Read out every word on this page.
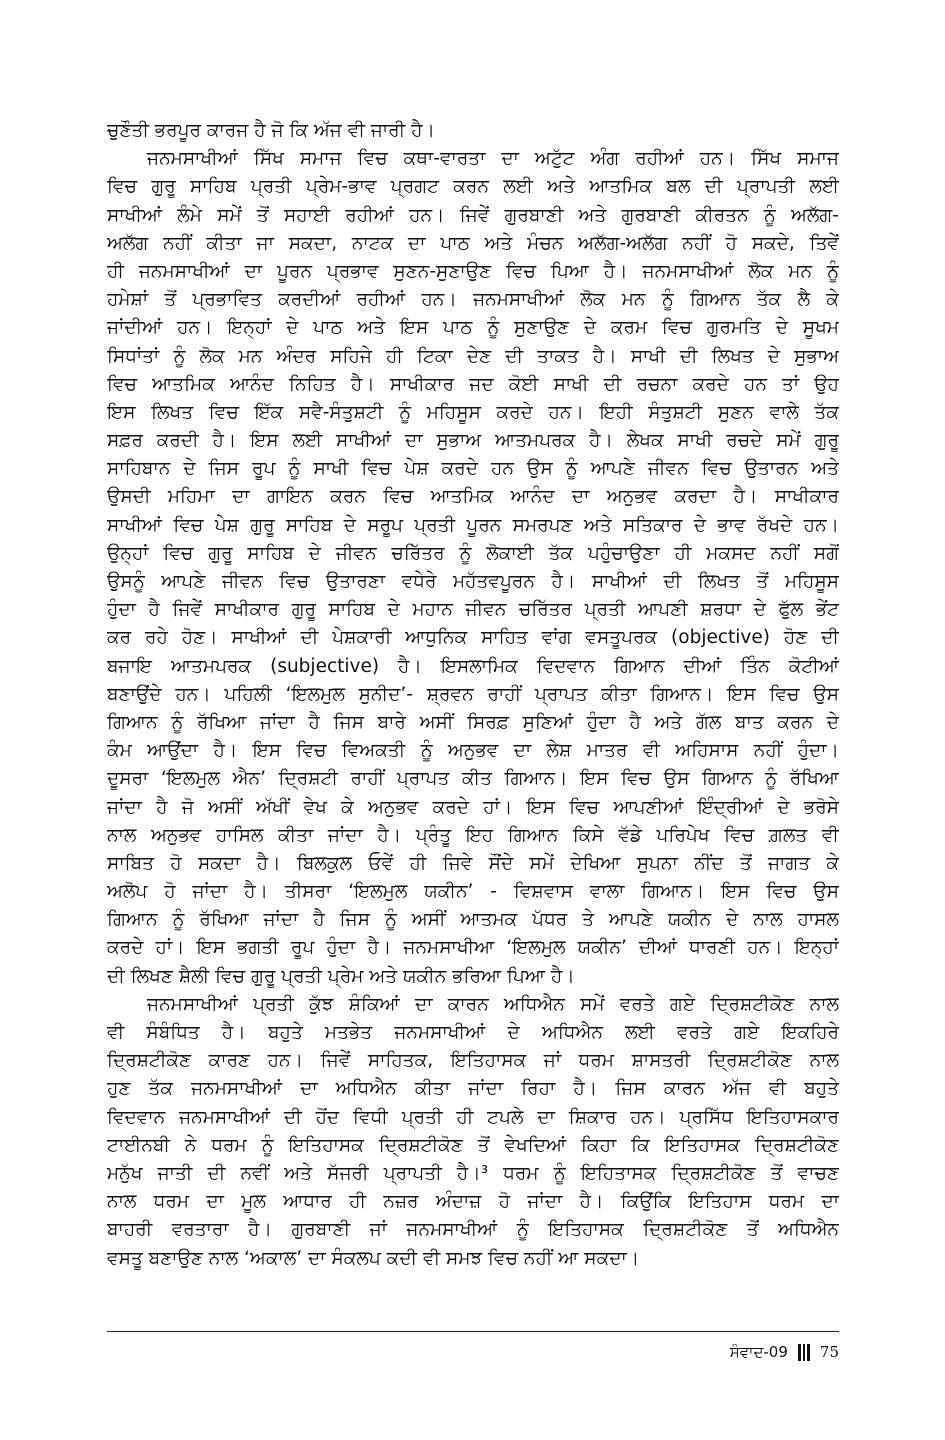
ਚੁਣੌਤੀ ਭਰਪੂਰ ਕਾਰਜ ਹੈ ਜੋ ਕਿ ਅੱਜ ਵੀ ਜਾਰੀ ਹੈ।
ਜਨਮਸਾਖੀਆਂ ਸਿੱਖ ਸਮਾਜ ਵਿਚ ਕਥਾ-ਵਾਰਤਾ ਦਾ ਅਟੁੱਟ ਅੰਗ ਰਹੀਆਂ ਹਨ। ਸਿੱਖ ਸਮਾਜ
ਵਿਚ ਗੁਰੂ ਸਾਹਿਬ ਪ੍ਰਤੀ ਪ੍ਰੇਮ-ਭਾਵ ਪ੍ਰਗਟ ਕਰਨ ਲਈ ਅਤੇ ਆਤਮਿਕ ਬਲ ਦੀ ਪ੍ਰਾਪਤੀ ਲਈ
ਸਾਖੀਆਂ ਲੰਮੇ ਸਮੇਂ ਤੋਂ ਸਹਾਈ ਰਹੀਆਂ ਹਨ। ਜਿਵੇਂ ਗੁਰਬਾਣੀ ਅਤੇ ਗੁਰਬਾਣੀ ਕੀਰਤਨ ਨੂੰ ਅਲੱਗ-
ਅਲੱਗ ਨਹੀਂ ਕੀਤਾ ਜਾ ਸਕਦਾ, ਨਾਟਕ ਦਾ ਪਾਠ ਅਤੇ ਮੰਚਨ ਅਲੱਗ-ਅਲੱਗ ਨਹੀਂ ਹੋ ਸਕਦੇ, ਤਿਵੇਂ
ਹੀ ਜਨਮਸਾਖੀਆਂ ਦਾ ਪੂਰਨ ਪ੍ਰਭਾਵ ਸੁਣਨ-ਸੁਣਾਉਣ ਵਿਚ ਪਿਆ ਹੈ। ਜਨਮਸਾਖੀਆਂ ਲੋਕ ਮਨ ਨੂੰ
ਹਮੇਸ਼ਾਂ ਤੋਂ ਪ੍ਰਭਾਵਿਤ ਕਰਦੀਆਂ ਰਹੀਆਂ ਹਨ। ਜਨਮਸਾਖੀਆਂ ਲੋਕ ਮਨ ਨੂੰ ਗਿਆਨ ਤੱਕ ਲੈ ਕੇ
ਜਾਂਦੀਆਂ ਹਨ। ਇਨ੍ਹਾਂ ਦੇ ਪਾਠ ਅਤੇ ਇਸ ਪਾਠ ਨੂੰ ਸੁਣਾਉਣ ਦੇ ਕਰਮ ਵਿਚ ਗੁਰਮਤਿ ਦੇ ਸੂਖਮ
ਸਿਧਾਂਤਾਂ ਨੂੰ ਲੋਕ ਮਨ ਅੰਦਰ ਸਹਿਜੇ ਹੀ ਟਿਕਾ ਦੇਣ ਦੀ ਤਾਕਤ ਹੈ। ਸਾਖੀ ਦੀ ਲਿਖਤ ਦੇ ਸੁਭਾਅ
ਵਿਚ ਆਤਮਿਕ ਆਨੰਦ ਨਿਹਿਤ ਹੈ। ਸਾਖੀਕਾਰ ਜਦ ਕੋਈ ਸਾਖੀ ਦੀ ਰਚਨਾ ਕਰਦੇ ਹਨ ਤਾਂ ਉਹ
ਇਸ ਲਿਖਤ ਵਿਚ ਇੱਕ ਸਵੈ-ਸੰਤੁਸ਼ਟੀ ਨੂੰ ਮਹਿਸੂਸ ਕਰਦੇ ਹਨ। ਇਹੀ ਸੰਤੁਸ਼ਟੀ ਸੁਣਨ ਵਾਲੇ ਤੱਕ
ਸਫ਼ਰ ਕਰਦੀ ਹੈ। ਇਸ ਲਈ ਸਾਖੀਆਂ ਦਾ ਸੁਭਾਅ ਆਤਮਪਰਕ ਹੈ। ਲੇਖਕ ਸਾਖੀ ਰਚਦੇ ਸਮੇਂ ਗੁਰੂ
ਸਾਹਿਬਾਨ ਦੇ ਜਿਸ ਰੂਪ ਨੂੰ ਸਾਖੀ ਵਿਚ ਪੇਸ਼ ਕਰਦੇ ਹਨ ਉਸ ਨੂੰ ਆਪਣੇ ਜੀਵਨ ਵਿਚ ਉਤਾਰਨ ਅਤੇ
ਉਸਦੀ ਮਹਿਮਾ ਦਾ ਗਾਇਨ ਕਰਨ ਵਿਚ ਆਤਮਿਕ ਆਨੰਦ ਦਾ ਅਨੁਭਵ ਕਰਦਾ ਹੈ। ਸਾਖੀਕਾਰ
ਸਾਖੀਆਂ ਵਿਚ ਪੇਸ਼ ਗੁਰੂ ਸਾਹਿਬ ਦੇ ਸਰੂਪ ਪ੍ਰਤੀ ਪੂਰਨ ਸਮਰਪਣ ਅਤੇ ਸਤਿਕਾਰ ਦੇ ਭਾਵ ਰੱਖਦੇ ਹਨ।
ਉਨ੍ਹਾਂ ਵਿਚ ਗੁਰੂ ਸਾਹਿਬ ਦੇ ਜੀਵਨ ਚਰਿੱਤਰ ਨੂੰ ਲੋਕਾਈ ਤੱਕ ਪਹੁੰਚਾਉਣਾ ਹੀ ਮਕਸਦ ਨਹੀਂ ਸਗੋਂ
ਉਸਨੂੰ ਆਪਣੇ ਜੀਵਨ ਵਿਚ ਉਤਾਰਣਾ ਵਧੇਰੇ ਮਹੱਤਵਪੂਰਨ ਹੈ। ਸਾਖੀਆਂ ਦੀ ਲਿਖਤ ਤੋਂ ਮਹਿਸੂਸ
ਹੁੰਦਾ ਹੈ ਜਿਵੇਂ ਸਾਖੀਕਾਰ ਗੁਰੂ ਸਾਹਿਬ ਦੇ ਮਹਾਨ ਜੀਵਨ ਚਰਿੱਤਰ ਪ੍ਰਤੀ ਆਪਣੀ ਸ਼ਰਧਾ ਦੇ ਫੁੱਲ ਭੇਂਟ
ਕਰ ਰਹੇ ਹੋਣ। ਸਾਖੀਆਂ ਦੀ ਪੇਸ਼ਕਾਰੀ ਆਧੁਨਿਕ ਸਾਹਿਤ ਵਾਂਗ ਵਸਤੂਪਰਕ (objective) ਹੋਣ ਦੀ
ਬਜਾਇ ਆਤਮਪਰਕ (subjective) ਹੈ। ਇਸਲਾਮਿਕ ਵਿਦਵਾਨ ਗਿਆਨ ਦੀਆਂ ਤਿੰਨ ਕੋਟੀਆਂ
ਬਣਾਉਂਦੇ ਹਨ। ਪਹਿਲੀ ‘ਇਲਮੁਲ ਸੁਨੀਦ’- ਸ਼੍ਰਵਨ ਰਾਹੀਂ ਪ੍ਰਾਪਤ ਕੀਤਾ ਗਿਆਨ। ਇਸ ਵਿਚ ਉਸ
ਗਿਆਨ ਨੂੰ ਰੱਖਿਆ ਜਾਂਦਾ ਹੈ ਜਿਸ ਬਾਰੇ ਅਸੀਂ ਸਿਰਫ਼ ਸੁਣਿਆਂ ਹੁੰਦਾ ਹੈ ਅਤੇ ਗੱਲ ਬਾਤ ਕਰਨ ਦੇ
ਕੰਮ ਆਉਂਦਾ ਹੈ। ਇਸ ਵਿਚ ਵਿਅਕਤੀ ਨੂੰ ਅਨੁਭਵ ਦਾ ਲੇਸ਼ ਮਾਤਰ ਵੀ ਅਹਿਸਾਸ ਨਹੀਂ ਹੁੰਦਾ।
ਦੂਸਰਾ ‘ਇਲਮੁਲ ਐਨ’ ਦ੍ਰਿਸ਼ਟੀ ਰਾਹੀਂ ਪ੍ਰਾਪਤ ਕੀਤ ਗਿਆਨ। ਇਸ ਵਿਚ ਉਸ ਗਿਆਨ ਨੂੰ ਰੱਖਿਆ
ਜਾਂਦਾ ਹੈ ਜੋ ਅਸੀਂ ਅੱਖੀਂ ਵੇਖ ਕੇ ਅਨੁਭਵ ਕਰਦੇ ਹਾਂ। ਇਸ ਵਿਚ ਆਪਣੀਆਂ ਇੰਦ੍ਰੀਆਂ ਦੇ ਭਰੋਸੇ
ਨਾਲ ਅਨੁਭਵ ਹਾਸਿਲ ਕੀਤਾ ਜਾਂਦਾ ਹੈ। ਪ੍ਰੰਤੂ ਇਹ ਗਿਆਨ ਕਿਸੇ ਵੱਡੇ ਪਰਿਪੇਖ ਵਿਚ ਗ਼ਲਤ ਵੀ
ਸਾਬਿਤ ਹੋ ਸਕਦਾ ਹੈ। ਬਿਲਕੁਲ ਓਵੇਂ ਹੀ ਜਿਵੇ ਸੌਂਦੇ ਸਮੇਂ ਦੇਖਿਆ ਸੁਪਨਾ ਨੀਂਦ ਤੋਂ ਜਾਗਤ ਕੇ
ਅਲੋਪ ਹੋ ਜਾਂਦਾ ਹੈ। ਤੀਸਰਾ ‘ਇਲਮੁਲ ਯਕੀਨ’ - ਵਿਸ਼ਵਾਸ ਵਾਲਾ ਗਿਆਨ। ਇਸ ਵਿਚ ਉਸ
ਗਿਆਨ ਨੂੰ ਰੱਖਿਆ ਜਾਂਦਾ ਹੈ ਜਿਸ ਨੂੰ ਅਸੀਂ ਆਤਮਕ ਪੱਧਰ ਤੇ ਆਪਣੇ ਯਕੀਨ ਦੇ ਨਾਲ ਹਾਸਲ
ਕਰਦੇ ਹਾਂ। ਇਸ ਭਗਤੀ ਰੂਪ ਹੁੰਦਾ ਹੈ। ਜਨਮਸਾਖੀਆ ‘ਇਲਮੁਲ ਯਕੀਨ’ ਦੀਆਂ ਧਾਰਣੀ ਹਨ। ਇਨ੍ਹਾਂ
ਦੀ ਲਿਖਣ ਸ਼ੈਲੀ ਵਿਚ ਗੁਰੂ ਪ੍ਰਤੀ ਪ੍ਰੇਮ ਅਤੇ ਯਕੀਨ ਭਰਿਆ ਪਿਆ ਹੈ।
ਜਨਮਸਾਖੀਆਂ ਪ੍ਰਤੀ ਕੁੱਝ ਸ਼ੰਕਿਆਂ ਦਾ ਕਾਰਨ ਅਧਿਐਨ ਸਮੇਂ ਵਰਤੇ ਗਏ ਦ੍ਰਿਸ਼ਟੀਕੋਣ ਨਾਲ
ਵੀ ਸੰਬੰਧਿਤ ਹੈ। ਬਹੁਤੇ ਮਤਭੇਤ ਜਨਮਸਾਖੀਆਂ ਦੇ ਅਧਿਐਨ ਲਈ ਵਰਤੇ ਗਏ ਇਕਹਿਰੇ
ਦ੍ਰਿਸ਼ਟੀਕੋਣ ਕਾਰਣ ਹਨ। ਜਿਵੇਂ ਸਾਹਿਤਕ, ਇਤਿਹਾਸਕ ਜਾਂ ਧਰਮ ਸ਼ਾਸਤਰੀ ਦ੍ਰਿਸ਼ਟੀਕੋਣ ਨਾਲ
ਹੁਣ ਤੱਕ ਜਨਮਸਾਖੀਆਂ ਦਾ ਅਧਿਐਨ ਕੀਤਾ ਜਾਂਦਾ ਰਿਹਾ ਹੈ। ਜਿਸ ਕਾਰਨ ਅੱਜ ਵੀ ਬਹੁਤੇ
ਵਿਦਵਾਨ ਜਨਮਸਾਖੀਆਂ ਦੀ ਹੋਂਦ ਵਿਧੀ ਪ੍ਰਤੀ ਹੀ ਟਪਲੇ ਦਾ ਸ਼ਿਕਾਰ ਹਨ। ਪ੍ਰਸਿੱਧ ਇਤਿਹਾਸਕਾਰ
ਟਾਈਨਬੀ ਨੇ ਧਰਮ ਨੂੰ ਇਤਿਹਾਸਕ ਦ੍ਰਿਸ਼ਟੀਕੋਣ ਤੋਂ ਵੇਖਦਿਆਂ ਕਿਹਾ ਕਿ ਇਤਿਹਾਸਕ ਦ੍ਰਿਸ਼ਟੀਕੋਣ
ਮਨੁੱਖ ਜਾਤੀ ਦੀ ਨਵੀਂ ਅਤੇ ਸੱਜਰੀ ਪ੍ਰਾਪਤੀ ਹੈ।³ ਧਰਮ ਨੂੰ ਇਹਿਤਾਸਕ ਦ੍ਰਿਸ਼ਟੀਕੋਣ ਤੋਂ ਵਾਚਣ
ਨਾਲ ਧਰਮ ਦਾ ਮੂਲ ਆਧਾਰ ਹੀ ਨਜ਼ਰ ਅੰਦਾਜ਼ ਹੋ ਜਾਂਦਾ ਹੈ। ਕਿਉਂਕਿ ਇਤਿਹਾਸ ਧਰਮ ਦਾ
ਬਾਹਰੀ ਵਰਤਾਰਾ ਹੈ। ਗੁਰਬਾਣੀ ਜਾਂ ਜਨਮਸਾਖੀਆਂ ਨੂੰ ਇਤਿਹਾਸਕ ਦ੍ਰਿਸ਼ਟੀਕੋਣ ਤੋਂ ਅਧਿਐਨ
ਵਸਤੂ ਬਣਾਉਣ ਨਾਲ ‘ਅਕਾਲ’ ਦਾ ਸੰਕਲਪ ਕਦੀ ਵੀ ਸਮਝ ਵਿਚ ਨਹੀਂ ਆ ਸਕਦਾ।
ਸੰਵਾਦ-09 75
